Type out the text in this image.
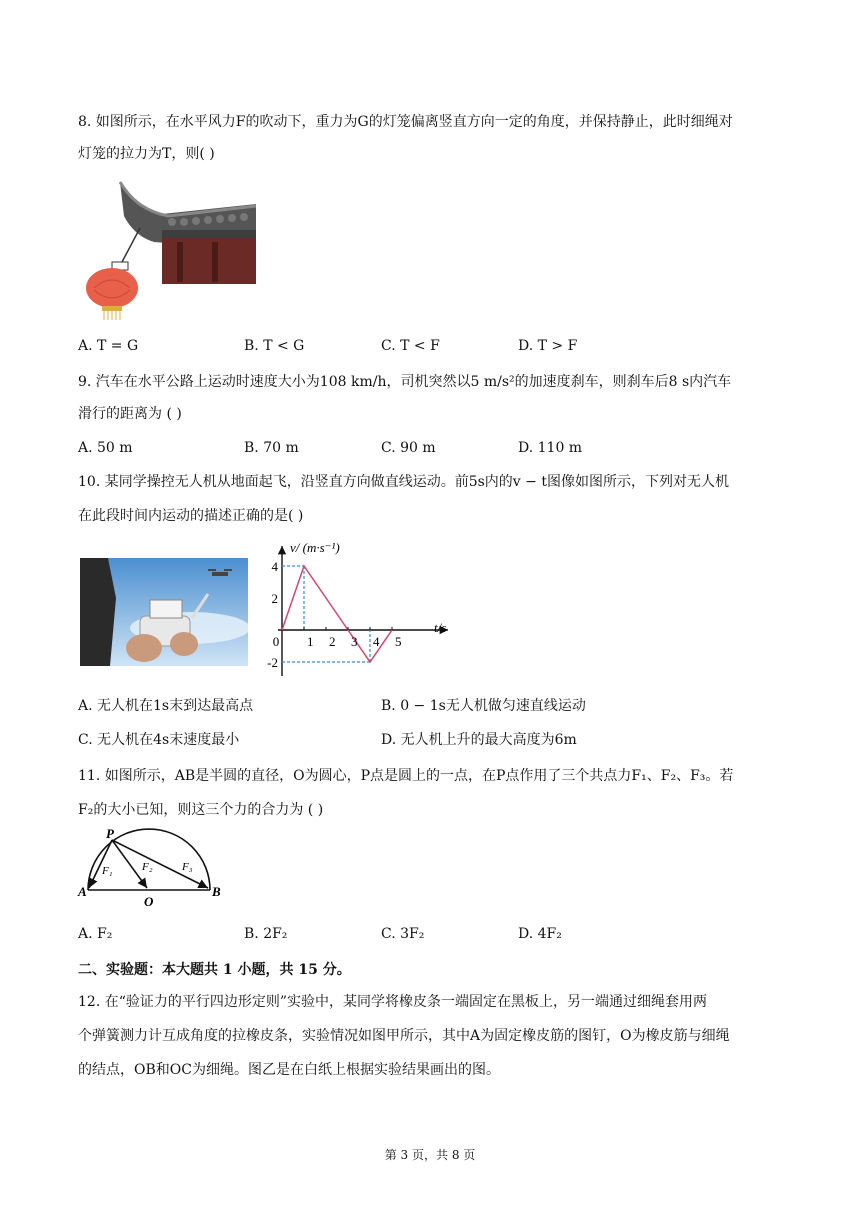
8. 如图所示，在水平风力F的吹动下，重力为G的灯笼偏离竖直方向一定的角度，并保持静止，此时细绳对
灯笼的拉力为T，则( )
A. T = G	B. T < G	C. T < F	D. T > F
9. 汽车在水平公路上运动时速度大小为108 km/h，司机突然以5 m/s²的加速度刹车，则刹车后8 s内汽车
滑行的距离为 ( )
A. 50 m	B. 70 m	C. 90 m	D. 110 m
10. 某同学操控无人机从地面起飞，沿竖直方向做直线运动。前5s内的v − t图像如图所示，下列对无人机
在此段时间内运动的描述正确的是( )
0 1 2 3 4 5
4
2
-2
v/ (m·s⁻¹)
t/s
A. 无人机在1s末到达最高点	B. 0 − 1s无人机做匀速直线运动
C. 无人机在4s末速度最小	D. 无人机上升的最大高度为6m
11. 如图所示，AB是半圆的直径，O为圆心，P点是圆上的一点，在P点作用了三个共点力F₁、F₂、F₃。若
F₂的大小已知，则这三个力的合力为 ( )
P
A	B
O
F₁	F₂	F₃
A. F₂	B. 2F₂	C. 3F₂	D. 4F₂
二、实验题：本大题共 1 小题，共 15 分。
12. 在“验证力的平行四边形定则”实验中，某同学将橡皮条一端固定在黑板上，另一端通过细绳套用两
个弹簧测力计互成角度的拉橡皮条，实验情况如图甲所示，其中A为固定橡皮筋的图钉，O为橡皮筋与细绳
的结点，OB和OC为细绳。图乙是在白纸上根据实验结果画出的图。
第 3 页，共 8 页
